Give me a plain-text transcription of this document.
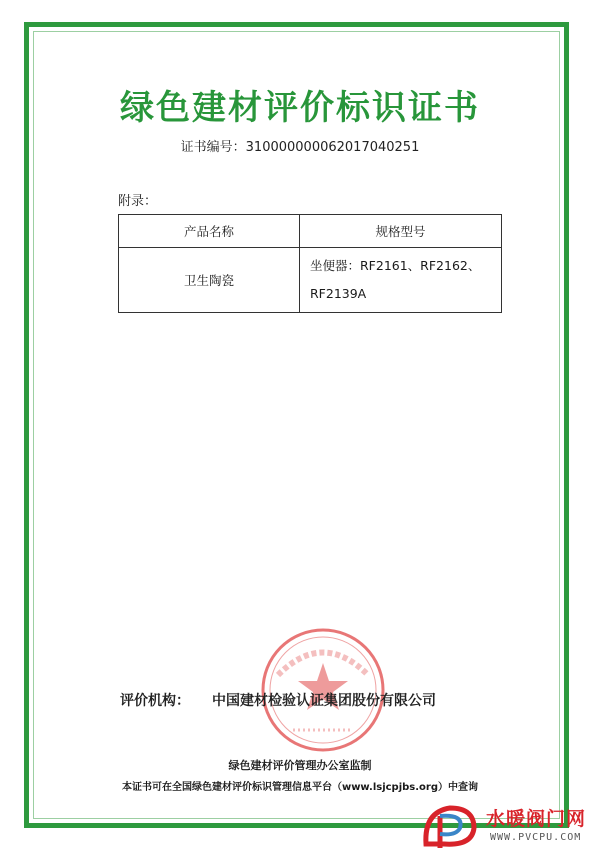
绿色建材评价标识证书
证书编号：310000000062017040251
附录：
产品名称	规格型号
卫生陶瓷	坐便器：RF2161、RF2162、
RF2139A
评价机构： 中国建材检验认证集团股份有限公司
绿色建材评价管理办公室监制
本证书可在全国绿色建材评价标识管理信息平台（www.lsjcpjbs.org）中查询
水暖阀门网
WWW.PVCPU.COM
